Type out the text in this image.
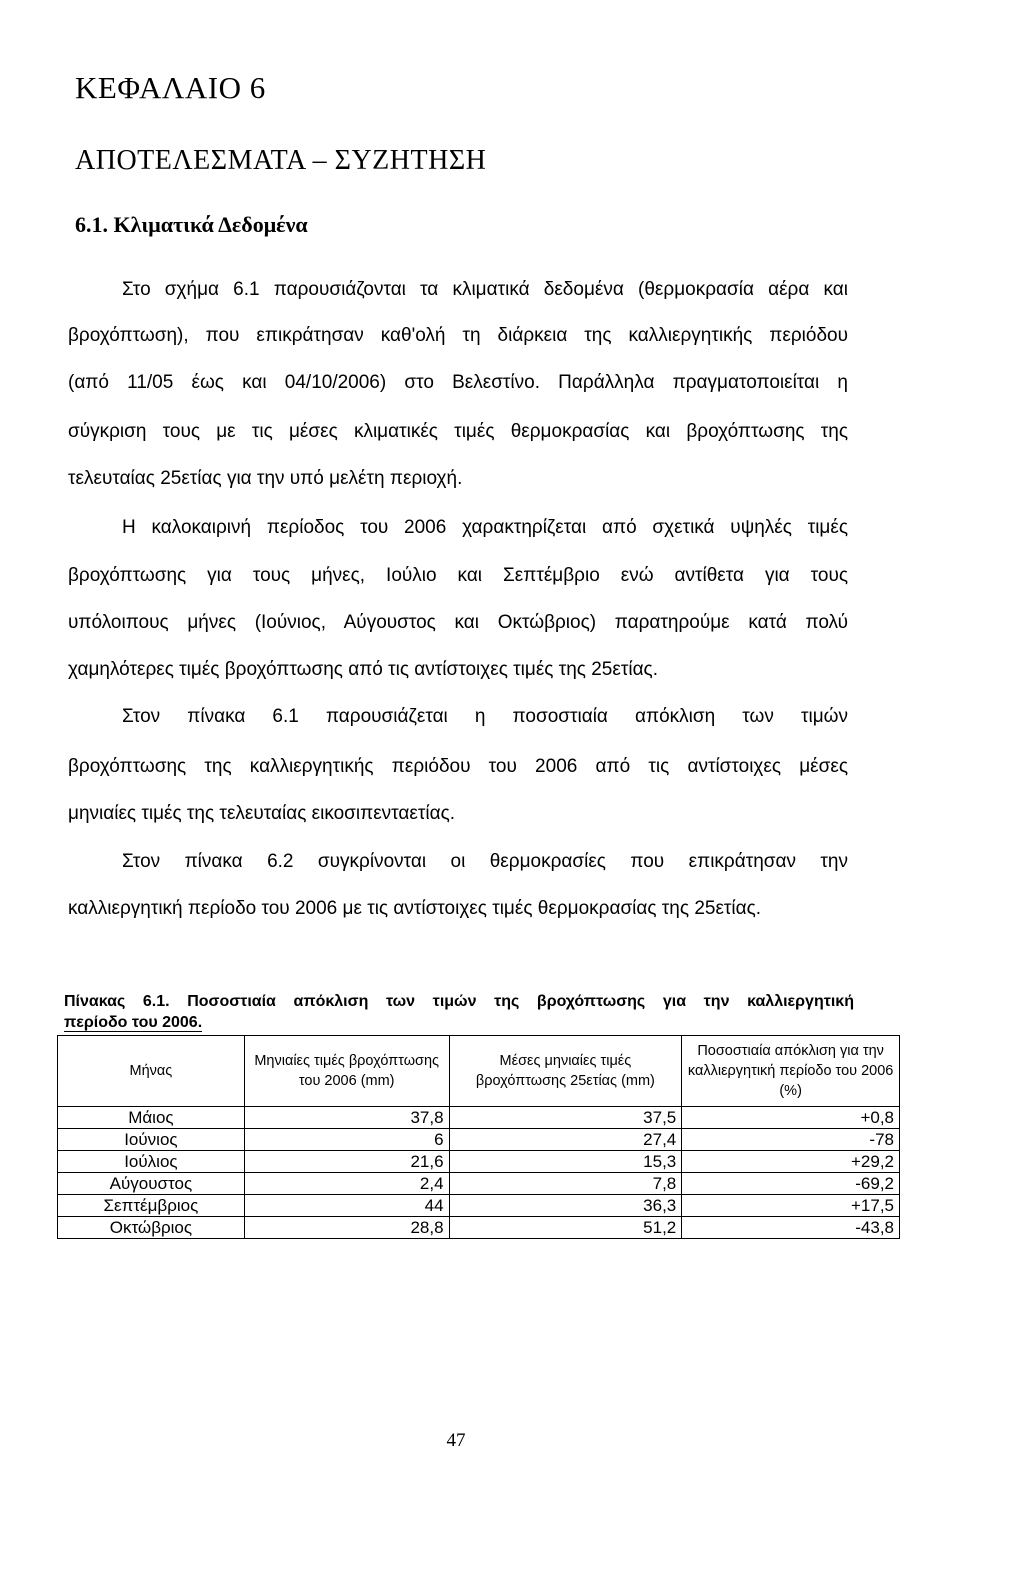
ΚΕΦΑΛΑΙΟ 6
ΑΠΟΤΕΛΕΣΜΑΤΑ – ΣΥΖΗΤΗΣΗ
6.1. Κλιματικά Δεδομένα

Στο σχήμα 6.1 παρουσιάζονται τα κλιματικά δεδομένα (θερμοκρασία αέρα και

βροχόπτωση), που επικράτησαν καθ'ολή τη διάρκεια της καλλιεργητικής περιόδου

(από 11/05 έως και 04/10/2006) στο Βελεστίνο. Παράλληλα πραγματοποιείται η

σύγκριση τους με τις μέσες κλιματικές τιμές θερμοκρασίας και βροχόπτωσης της

τελευταίας 25ετίας για την υπό μελέτη περιοχή.

Η καλοκαιρινή περίοδος του 2006 χαρακτηρίζεται από σχετικά υψηλές τιμές

βροχόπτωσης για τους μήνες, Ιούλιο και Σεπτέμβριο ενώ αντίθετα για τους

υπόλοιπους μήνες (Ιούνιος, Αύγουστος και Οκτώβριος) παρατηρούμε κατά πολύ

χαμηλότερες τιμές βροχόπτωσης από τις αντίστοιχες τιμές της 25ετίας.

Στον πίνακα 6.1 παρουσιάζεται η ποσοστιαία απόκλιση των τιμών

βροχόπτωσης της καλλιεργητικής περιόδου του 2006 από τις αντίστοιχες μέσες

μηνιαίες τιμές της τελευταίας εικοσιπενταετίας.

Στον πίνακα 6.2 συγκρίνονται οι θερμοκρασίες που επικράτησαν την

καλλιεργητική περίοδο του 2006 με τις αντίστοιχες τιμές θερμοκρασίας της 25ετίας.

Πίνακας 6.1. Ποσοστιαία απόκλιση των τιμών της βροχόπτωσης για την καλλιεργητική

περίοδο του 2006.

Μήνας	Μηνιαίες τιμές βροχόπτωσης του 2006 (mm)	Μέσες μηνιαίες τιμές βροχόπτωσης 25ετίας (mm)	Ποσοστιαία απόκλιση για την καλλιεργητική περίοδο του 2006 (%)
Μάιος	37,8	37,5	+0,8
Ιούνιος	6	27,4	-78
Ιούλιος	21,6	15,3	+29,2
Αύγουστος	2,4	7,8	-69,2
Σεπτέμβριος	44	36,3	+17,5
Οκτώβριος	28,8	51,2	-43,8

47
